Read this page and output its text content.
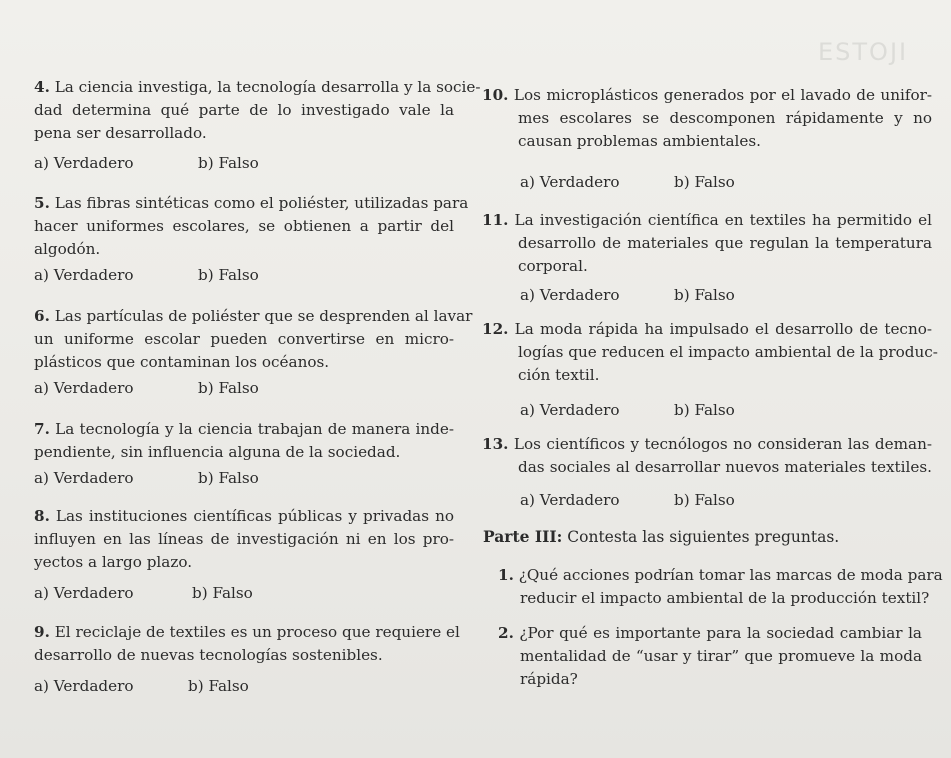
ESTOJI
4. La ciencia investiga, la tecnología desarrolla y la socie-
dad determina qué parte de lo investigado vale la
pena ser desarrollado.
a) Verdadero	b) Falso
5. Las fibras sintéticas como el poliéster, utilizadas para
hacer uniformes escolares, se obtienen a partir del
algodón.
a) Verdadero	b) Falso
6. Las partículas de poliéster que se desprenden al lavar
un uniforme escolar pueden convertirse en micro-
plásticos que contaminan los océanos.
a) Verdadero	b) Falso
7. La tecnología y la ciencia trabajan de manera inde-
pendiente, sin influencia alguna de la sociedad.
a) Verdadero	b) Falso
8. Las instituciones científicas públicas y privadas no
influyen en las líneas de investigación ni en los pro-
yectos a largo plazo.
a) Verdadero	b) Falso
9. El reciclaje de textiles es un proceso que requiere el
desarrollo de nuevas tecnologías sostenibles.
a) Verdadero	b) Falso
10. Los microplásticos generados por el lavado de unifor-
mes escolares se descomponen rápidamente y no
causan problemas ambientales.
a) Verdadero	b) Falso
11. La investigación científica en textiles ha permitido el
desarrollo de materiales que regulan la temperatura
corporal.
a) Verdadero	b) Falso
12. La moda rápida ha impulsado el desarrollo de tecno-
logías que reducen el impacto ambiental de la produc-
ción textil.
a) Verdadero	b) Falso
13. Los científicos y tecnólogos no consideran las deman-
das sociales al desarrollar nuevos materiales textiles.
a) Verdadero	b) Falso
Parte III: Contesta las siguientes preguntas.
1. ¿Qué acciones podrían tomar las marcas de moda para
reducir el impacto ambiental de la producción textil?
2. ¿Por qué es importante para la sociedad cambiar la
mentalidad de “usar y tirar” que promueve la moda
rápida?
